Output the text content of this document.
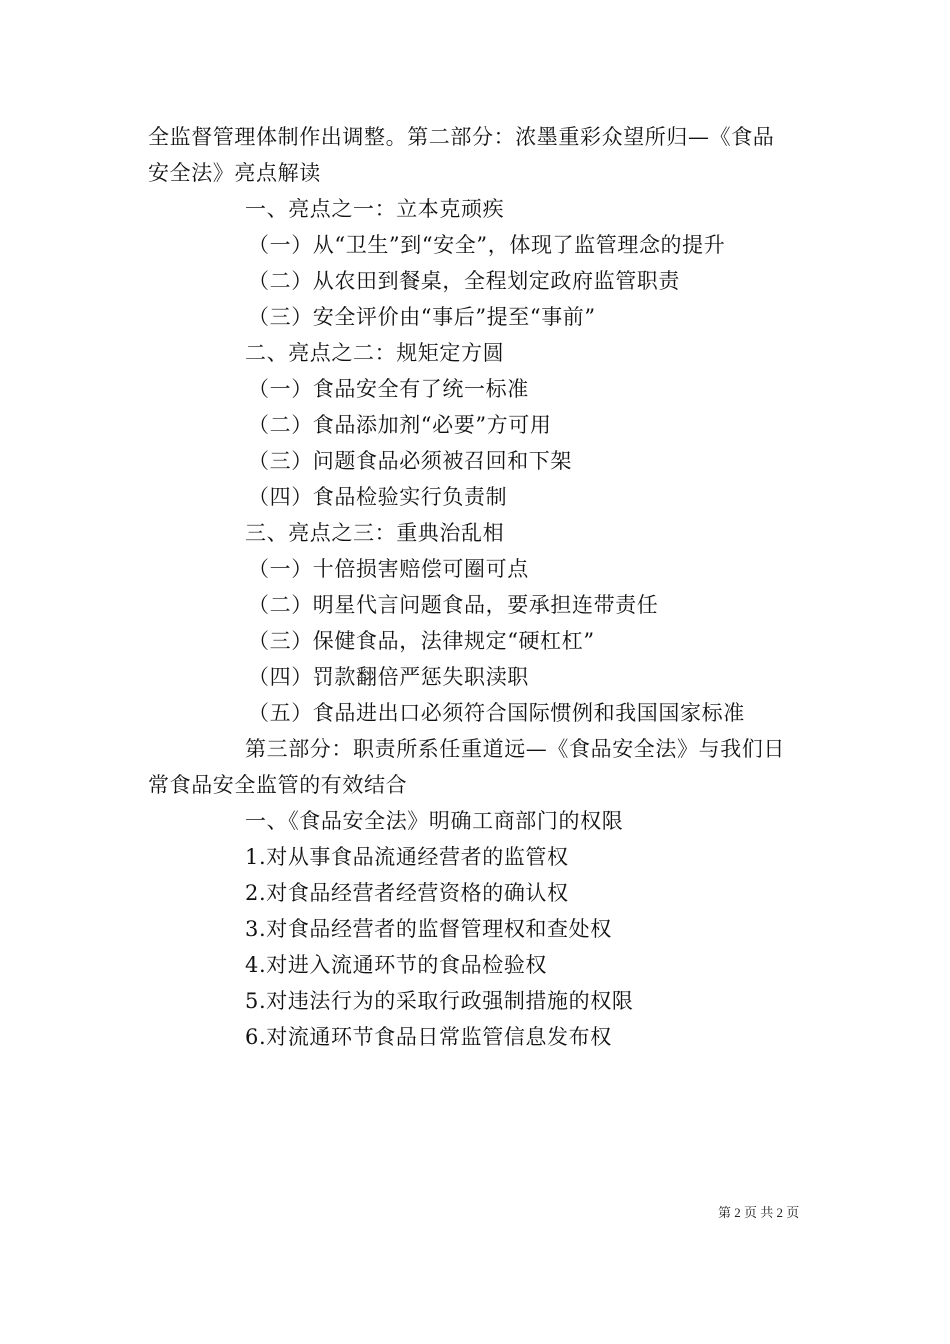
全监督管理体制作出调整。第二部分：浓墨重彩众望所归—《食品
安全法》亮点解读
一、亮点之一：立本克顽疾
（一）从“卫生”到“安全”，体现了监管理念的提升
（二）从农田到餐桌，全程划定政府监管职责
（三）安全评价由“事后”提至“事前”
二、亮点之二：规矩定方圆
（一）食品安全有了统一标准
（二）食品添加剂“必要”方可用
（三）问题食品必须被召回和下架
（四）食品检验实行负责制
三、亮点之三：重典治乱相
（一）十倍损害赔偿可圈可点
（二）明星代言问题食品，要承担连带责任
（三）保健食品，法律规定“硬杠杠”
（四）罚款翻倍严惩失职渎职
（五）食品进出口必须符合国际惯例和我国国家标准
第三部分：职责所系任重道远—《食品安全法》与我们日
常食品安全监管的有效结合
一、《食品安全法》明确工商部门的权限
1.对从事食品流通经营者的监管权
2.对食品经营者经营资格的确认权
3.对食品经营者的监督管理权和查处权
4.对进入流通环节的食品检验权
5.对违法行为的采取行政强制措施的权限
6.对流通环节食品日常监管信息发布权
第 2 页 共 2 页
